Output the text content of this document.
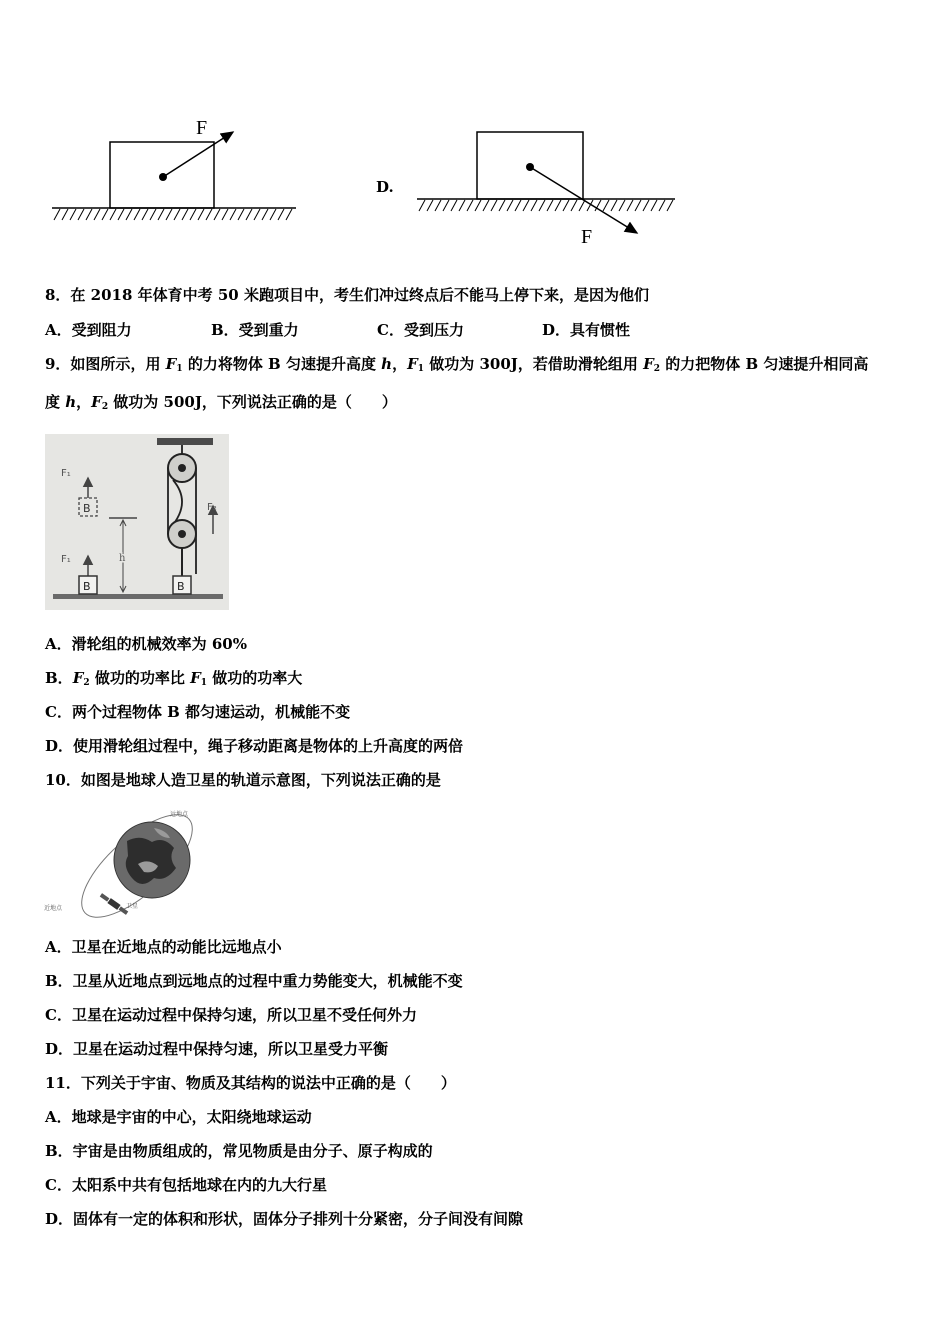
F
D.
F
8．在 2018 年体育中考 50 米跑项目中，考生们冲过终点后不能马上停下来，是因为他们
A．受到阻力	B．受到重力	C．受到压力	D．具有惯性
9．如图所示，用 $F_1$ 的力将物体 B 匀速提升高度 h，$F_1$ 做功为 300J，若借助滑轮组用 $F_2$ 的力把物体 B 匀速提升相同高
度 h，$F_2$ 做功为 500J，下列说法正确的是（　　）
F₁
B
F₁
B
h
F₂
B
A．滑轮组的机械效率为 60%
B．$F_2$ 做功的功率比 $F_1$ 做功的功率大
C．两个过程物体 B 都匀速运动，机械能不变
D．使用滑轮组过程中，绳子移动距离是物体的上升高度的两倍
10．如图是地球人造卫星的轨道示意图，下列说法正确的是
远地点
近地点	卫星
A．卫星在近地点的动能比远地点小
B．卫星从近地点到远地点的过程中重力势能变大，机械能不变
C．卫星在运动过程中保持匀速，所以卫星不受任何外力
D．卫星在运动过程中保持匀速，所以卫星受力平衡
11．下列关于宇宙、物质及其结构的说法中正确的是（　　）
A．地球是宇宙的中心，太阳绕地球运动
B．宇宙是由物质组成的，常见物质是由分子、原子构成的
C．太阳系中共有包括地球在内的九大行星
D．固体有一定的体积和形状，固体分子排列十分紧密，分子间没有间隙
